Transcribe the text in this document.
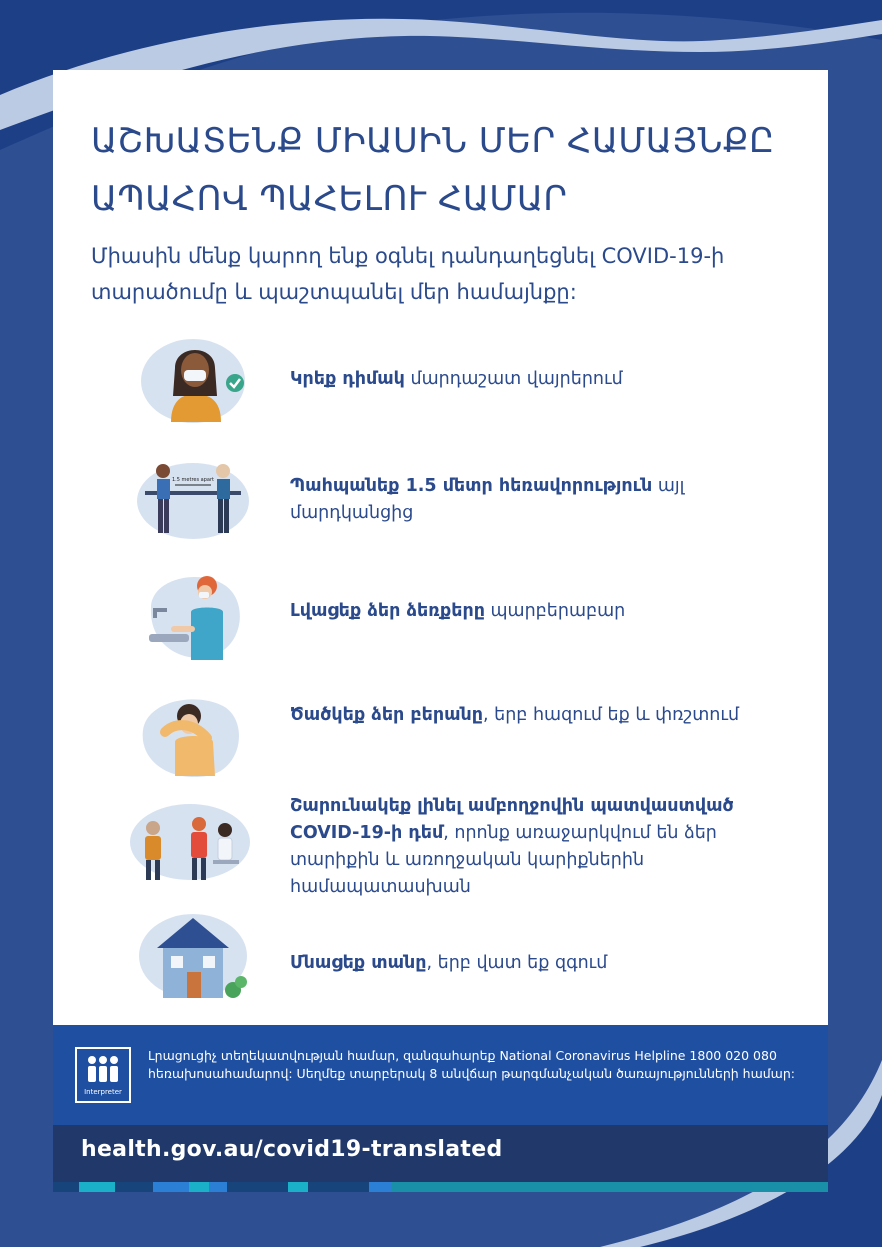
ԱՇԽԱՏԵՆՔ ՄԻԱՍԻՆ ՄԵՐ ՀԱՄԱՅՆՔԸ ԱՊԱՀՈՎ ՊԱՀԵԼՈՒ ՀԱՄԱՐ

Միասին մենք կարող ենք օգնել դանդաղեցնել COVID-19-ի տարածումը և պաշտպանել մեր համայնքը:

Կրեք դիմակ մարդաշատ վայրերում
1.5 metres apart	Պահպանեք 1.5 մետր հեռավորություն այլ մարդկանցից
Լվացեք ձեր ձեռքերը պարբերաբար
Ծածկեք ձեր բերանը, երբ հազում եք և փռշտում
Շարունակեք լինել ամբողջովին պատվաստված COVID-19-ի դեմ, որոնք առաջարկվում են ձեր տարիքին և առողջական կարիքներին համապատասխան
Մնացեք տանը, երբ վատ եք զգում
Interpreter

Լրացուցիչ տեղեկատվության համար, զանգահարեք National Coronavirus Helpline 1800 020 080 հեռախոսահամարով: Սեղմեք տարբերակ 8 անվճար թարգմանչական ծառայությունների համար:

health.gov.au/covid19-translated
